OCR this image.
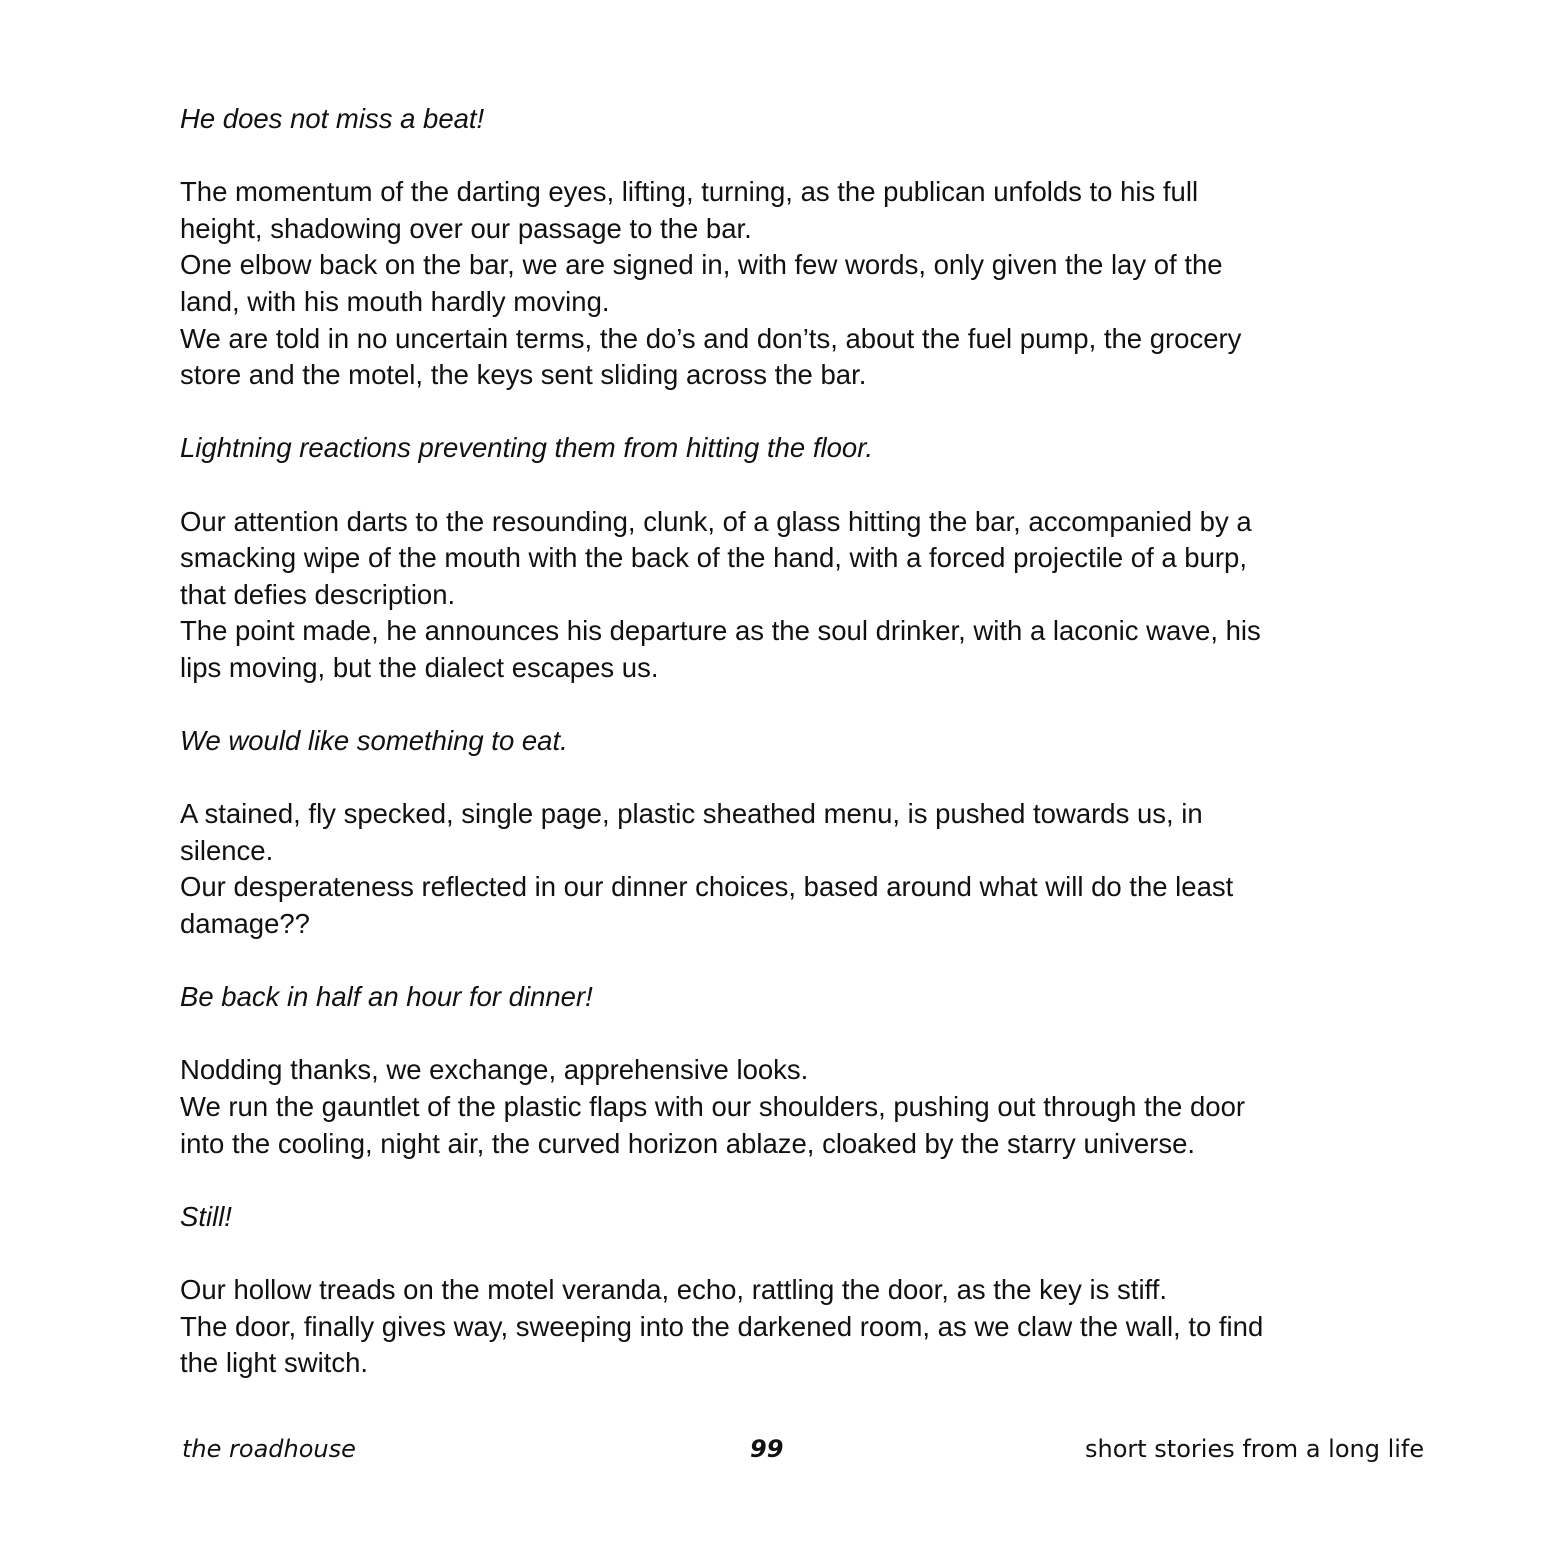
He does not miss a beat!
The momentum of the darting eyes, lifting, turning, as the publican unfolds to his full
height, shadowing over our passage to the bar.
One elbow back on the bar, we are signed in, with few words, only given the lay of the
land, with his mouth hardly moving.
We are told in no uncertain terms, the do’s and don’ts, about the fuel pump, the grocery
store and the motel, the keys sent sliding across the bar.
Lightning reactions preventing them from hitting the floor.
Our attention darts to the resounding, clunk, of a glass hitting the bar, accompanied by a
smacking wipe of the mouth with the back of the hand, with a forced projectile of a burp,
that defies description.
The point made, he announces his departure as the soul drinker, with a laconic wave, his
lips moving, but the dialect escapes us.
We would like something to eat.
A stained, fly specked, single page, plastic sheathed menu, is pushed towards us, in
silence.
Our desperateness reflected in our dinner choices, based around what will do the least
damage??
Be back in half an hour for dinner!
Nodding thanks, we exchange, apprehensive looks.
We run the gauntlet of the plastic flaps with our shoulders, pushing out through the door
into the cooling, night air, the curved horizon ablaze, cloaked by the starry universe.
Still!
Our hollow treads on the motel veranda, echo, rattling the door, as the key is stiff.
The door, finally gives way, sweeping into the darkened room, as we claw the wall, to find
the light switch.
the roadhouse	99	short stories from a long life
